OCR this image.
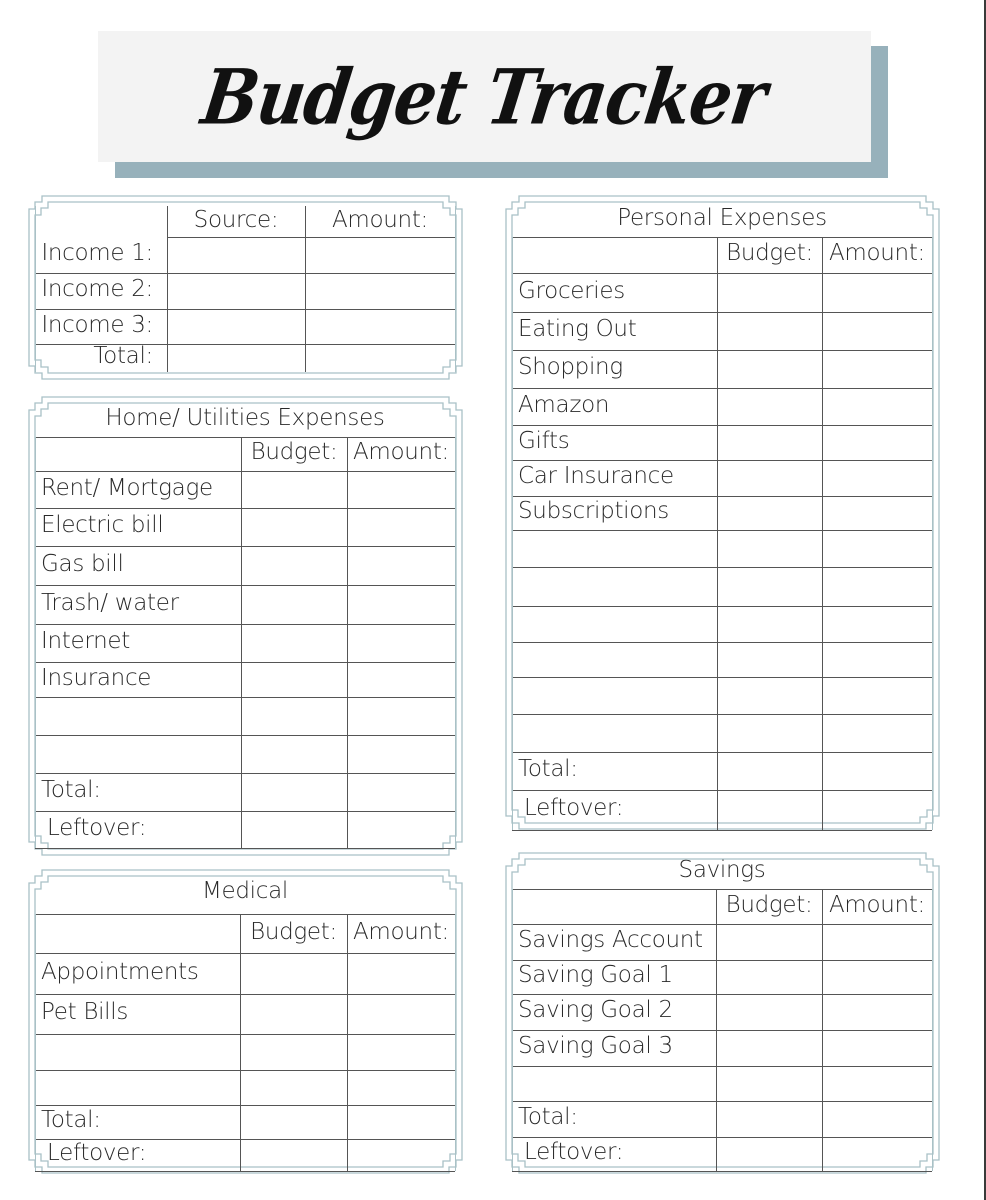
Budget Tracker
Source:	Amount:
Income 1:
Income 2:
Income 3:
Total:
Home/ Utilities Expenses
Budget: Amount:
Rent/ Mortgage
Electric bill
Gas bill
Trash/ water
Internet
Insurance
Total:
Leftover:
Medical
Budget: Amount:
Appointments
Pet Bills
Total:
Leftover:
Personal Expenses
Budget: Amount:
Groceries
Eating Out
Shopping
Amazon
Gifts
Car Insurance
Subscriptions
Total:
Leftover:
Savings
Budget: Amount:
Savings Account
Saving Goal 1
Saving Goal 2
Saving Goal 3
Total:
Leftover:
